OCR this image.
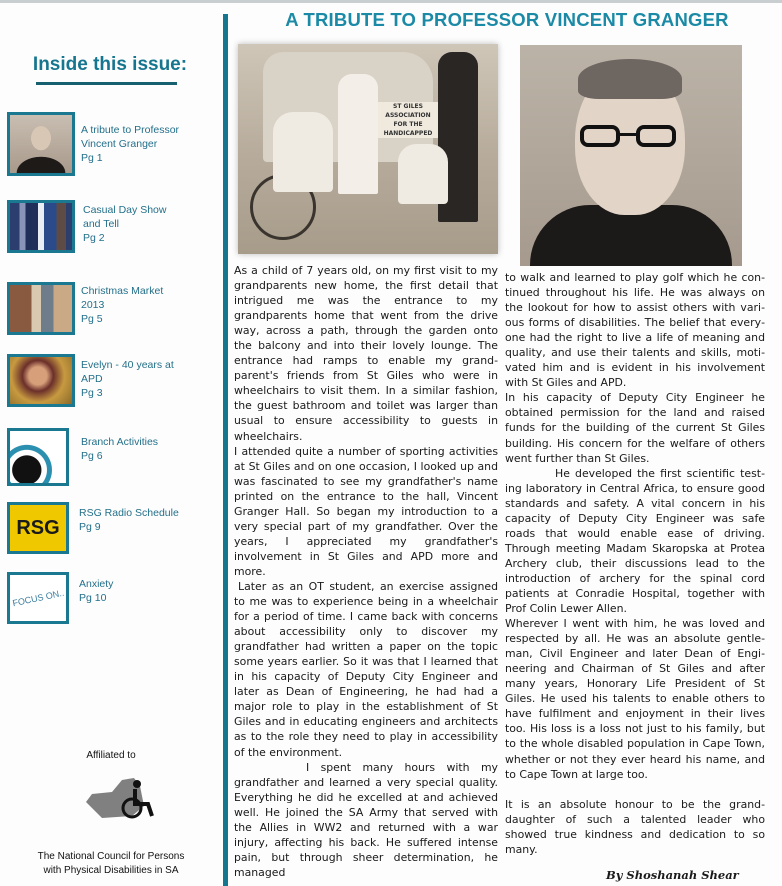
A TRIBUTE TO PROFESSOR VINCENT GRANGER
Inside this issue:
A tribute to Professor
Vincent Granger
Pg 1
Casual Day Show
and Tell
Pg 2
Christmas Market
2013
Pg 5
Evelyn - 40 years at
APD
Pg 3
Branch Activities
Pg 6
RSG
RSG Radio Schedule
Pg 9
FOCUS ON..
Anxiety
Pg 10
Affiliated to
The National Council for Persons
with Physical Disabilities in SA
ST GILES ASSOCIATION FOR THE HANDICAPPED

As a child of 7 years old, on my first visit to my grandparents new home, the first detail that intrigued me was the entrance to my grandparents home that went from the drive way, across a path, through the garden onto the balcony and into their lovely lounge. The entrance had ramps to enable my grandparent's friends from St Giles who were in wheelchairs to visit them. In a similar fashion, the guest bathroom and toilet was larger than usual to ensure accessibility to guests in wheelchairs.

I attended quite a number of sporting activities at St Giles and on one occasion, I looked up and was fascinated to see my grandfather's name printed on the entrance to the hall, Vincent Granger Hall. So began my introduction to a very special part of my grandfather. Over the years, I appreciated my grandfather's involvement in St Giles and APD more and more.

Later as an OT student, an exercise assigned to me was to experience being in a wheelchair for a period of time. I came back with concerns about accessibility only to discover my grandfather had written a paper on the topic some years earlier. So it was that I learned that in his capacity of Deputy City Engineer and later as Dean of Engineering, he had had a major role to play in the establishment of St Giles and in educating engineers and architects as to the role they need to play in accessibility of the environment.

I spent many hours with my grandfather and learned a very special quality. Everything he did he excelled at and achieved well. He joined the SA Army that served with the Allies in WW2 and returned with a war injury, affecting his back. He suffered intense pain, but through sheer determination, he managed

to walk and learned to play golf which he continued throughout his life. He was always on the lookout for how to assist others with various forms of disabilities. The belief that everyone had the right to live a life of meaning and quality, and use their talents and skills, motivated him and is evident in his involvement with St Giles and APD.

In his capacity of Deputy City Engineer he obtained permission for the land and raised funds for the building of the current St Giles building. His concern for the welfare of others went further than St Giles.

He developed the first scientific testing laboratory in Central Africa, to ensure good standards and safety. A vital concern in his capacity of Deputy City Engineer was safe roads that would enable ease of driving. Through meeting Madam Skaropska at Protea Archery club, their discussions lead to the introduction of archery for the spinal cord patients at Conradie Hospital, together with Prof Colin Lewer Allen.

Wherever I went with him, he was loved and respected by all. He was an absolute gentleman, Civil Engineer and later Dean of Engineering and Chairman of St Giles and after many years, Honorary Life President of St Giles. He used his talents to enable others to have fulfilment and enjoyment in their lives too. His loss is a loss not just to his family, but to the whole disabled population in Cape Town, whether or not they ever heard his name, and to Cape Town at large too.

It is an absolute honour to be the granddaughter of such a talented leader who showed true kindness and dedication to so many.

By Shoshanah Shear
